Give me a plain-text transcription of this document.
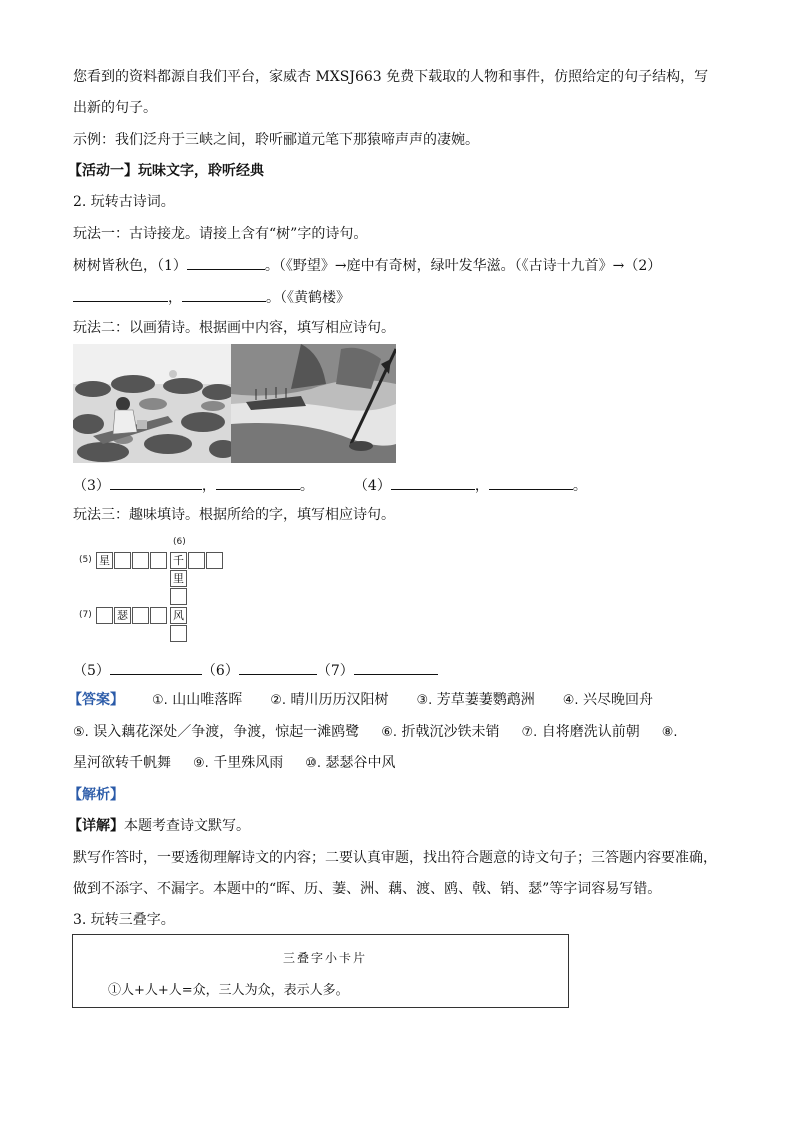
您看到的资料都源自我们平台，家威杏 MXSJ663 免费下载取的人物和事件，仿照给定的句子结构，写
出新的句子。
示例：我们泛舟于三峡之间，聆听郦道元笔下那猿啼声声的凄婉。
【活动一】玩味文字，聆听经典
2. 玩转古诗词。
玩法一：古诗接龙。请接上含有“树”字的诗句。
树树皆秋色，（1）	。（《野望》→庭中有奇树，绿叶发华滋。（《古诗十九首》→（2）
，	。（《黄鹤楼》
玩法二：以画猜诗。根据画中内容，填写相应诗句。
（3）	，	。	（4）	，	。
玩法三：趣味填诗。根据所给的字，填写相应诗句。
(6)
(5)
(7)
星	千
里
风
瑟
（5）	（6）	（7）
【答案】 ①. 山山唯落晖 ②. 晴川历历汉阳树 ③. 芳草萋萋鹦鹉洲 ④. 兴尽晚回舟
⑤. 误入藕花深处／争渡，争渡，惊起一滩鸥鹭 ⑥. 折戟沉沙铁未销 ⑦. 自将磨洗认前朝 ⑧.
星河欲转千帆舞 ⑨. 千里殊风雨 ⑩. 瑟瑟谷中风
【解析】
【详解】本题考查诗文默写。
默写作答时，一要透彻理解诗文的内容；二要认真审题，找出符合题意的诗文句子；三答题内容要准确，
做到不添字、不漏字。本题中的“晖、历、萋、洲、藕、渡、鸥、戟、销、瑟”等字词容易写错。
3. 玩转三叠字。
三叠字小卡片
①人+人+人=众，三人为众，表示人多。
